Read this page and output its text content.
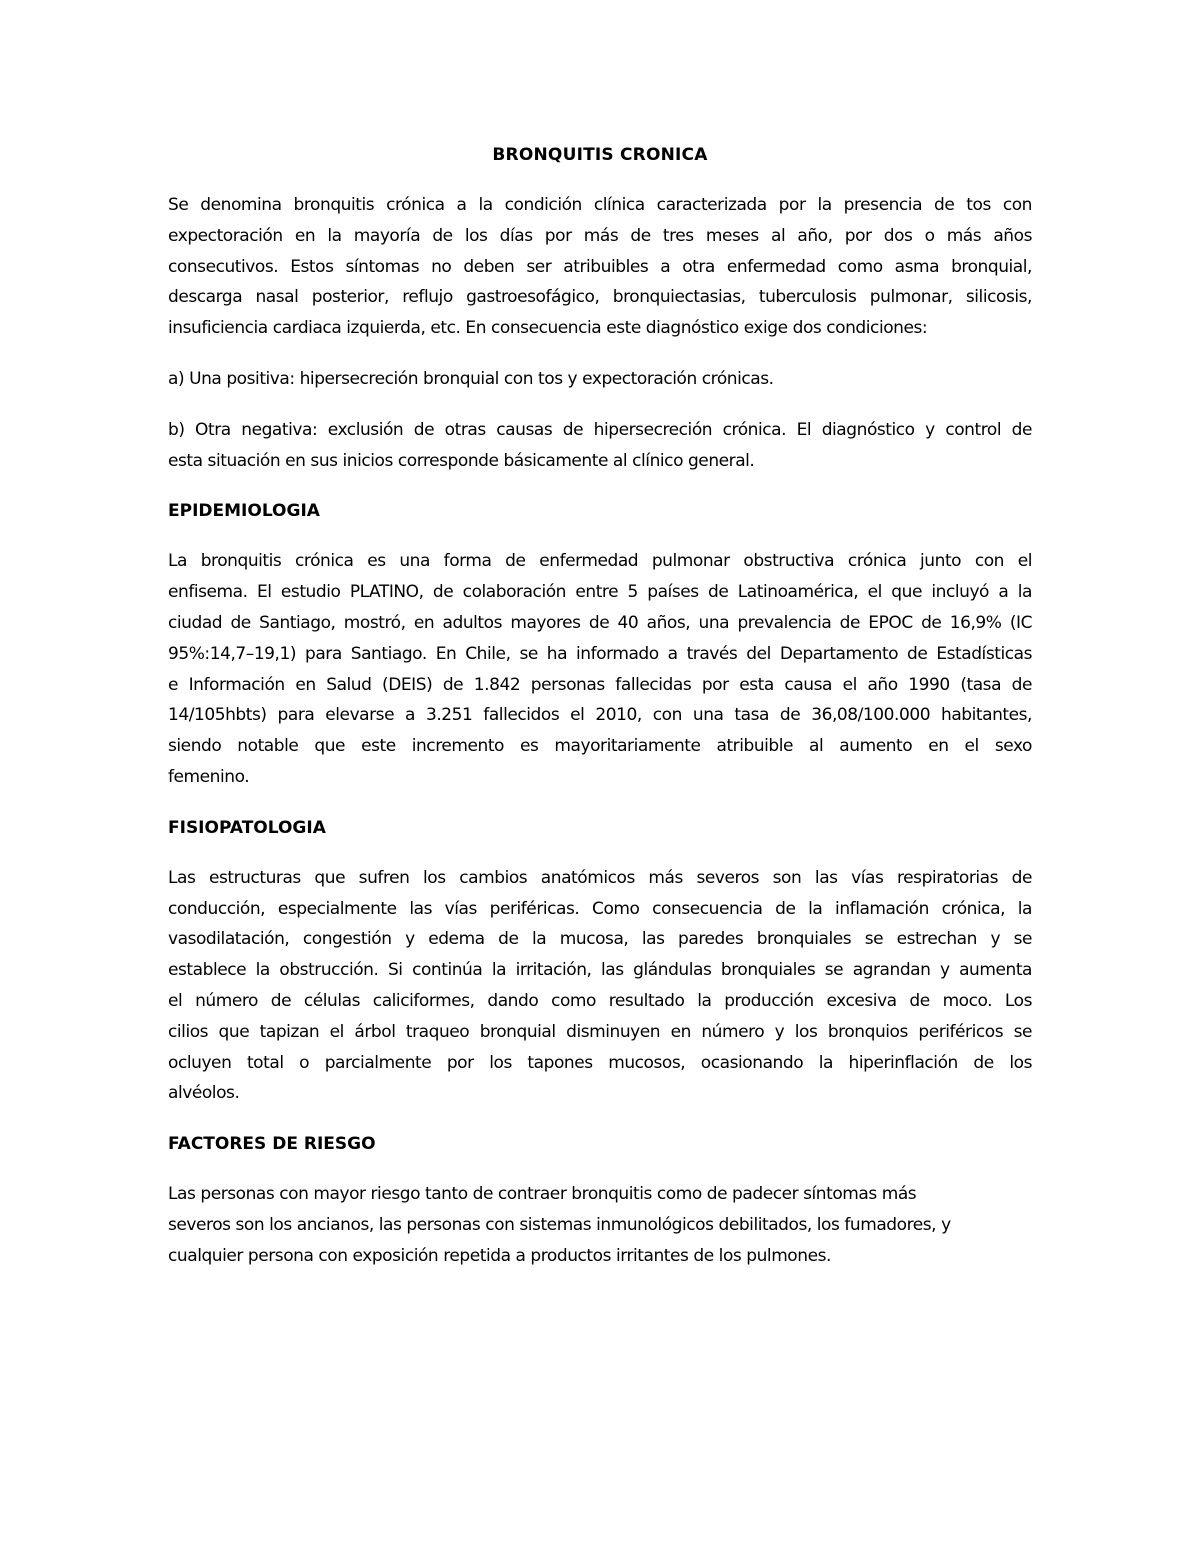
BRONQUITIS CRONICA
Se denomina bronquitis crónica a la condición clínica caracterizada por la presencia de tos con
expectoración en la mayoría de los días por más de tres meses al año, por dos o más años
consecutivos. Estos síntomas no deben ser atribuibles a otra enfermedad como asma bronquial,
descarga nasal posterior, reflujo gastroesofágico, bronquiectasias, tuberculosis pulmonar, silicosis,
insuficiencia cardiaca izquierda, etc. En consecuencia este diagnóstico exige dos condiciones:
a) Una positiva: hipersecreción bronquial con tos y expectoración crónicas.
b) Otra negativa: exclusión de otras causas de hipersecreción crónica. El diagnóstico y control de
esta situación en sus inicios corresponde básicamente al clínico general.
EPIDEMIOLOGIA
La bronquitis crónica es una forma de enfermedad pulmonar obstructiva crónica junto con el
enfisema. El estudio PLATINO, de colaboración entre 5 países de Latinoamérica, el que incluyó a la
ciudad de Santiago, mostró, en adultos mayores de 40 años, una prevalencia de EPOC de 16,9% (IC
95%:14,7–19,1) para Santiago. En Chile, se ha informado a través del Departamento de Estadísticas
e Información en Salud (DEIS) de 1.842 personas fallecidas por esta causa el año 1990 (tasa de
14/105hbts) para elevarse a 3.251 fallecidos el 2010, con una tasa de 36,08/100.000 habitantes,
siendo notable que este incremento es mayoritariamente atribuible al aumento en el sexo
femenino.
FISIOPATOLOGIA
Las estructuras que sufren los cambios anatómicos más severos son las vías respiratorias de
conducción, especialmente las vías periféricas. Como consecuencia de la inflamación crónica, la
vasodilatación, congestión y edema de la mucosa, las paredes bronquiales se estrechan y se
establece la obstrucción. Si continúa la irritación, las glándulas bronquiales se agrandan y aumenta
el número de células caliciformes, dando como resultado la producción excesiva de moco. Los
cilios que tapizan el árbol traqueo bronquial disminuyen en número y los bronquios periféricos se
ocluyen total o parcialmente por los tapones mucosos, ocasionando la hiperinflación de los
alvéolos.
FACTORES DE RIESGO
Las personas con mayor riesgo tanto de contraer bronquitis como de padecer síntomas más
severos son los ancianos, las personas con sistemas inmunológicos debilitados, los fumadores, y
cualquier persona con exposición repetida a productos irritantes de los pulmones.
